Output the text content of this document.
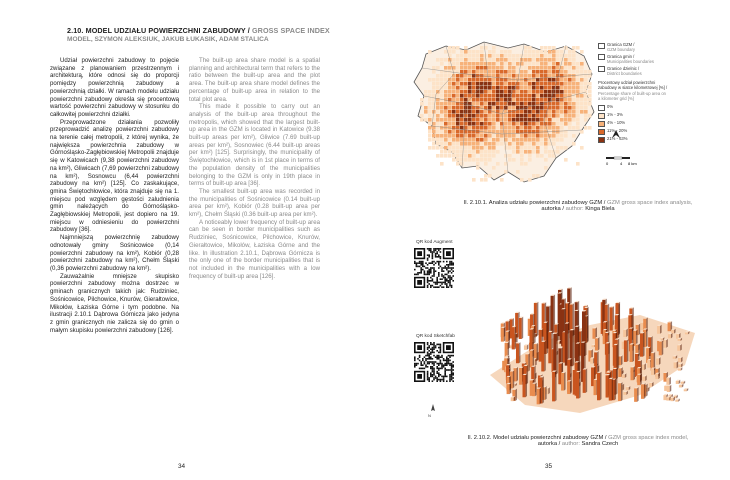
2.10. MODEL UDZIAŁU POWIERZCHNI ZABUDOWY / GROSS SPACE INDEX
MODEL, SZYMON ALEKSIUK, JAKUB ŁUKASIK, ADAM STALICA

Udział powierzchni zabudowy to pojęcie związane z planowaniem przestrzennym i architekturą, które odnosi się do proporcji pomiędzy powierzchnią zabudowy a powierzchnią działki. W ramach modelu udziału powierzchni zabudowy określa się procentową wartość powierzchni zabudowy w stosunku do całkowitej powierzchni działki.

Przeprowadzone działania pozwoliły przeprowadzić analizę powierzchni zabudowy na terenie całej metropolii, z której wynika, że największa powierzchnia zabudowy w Górnośląsko-Zagłębiowskiej Metropolii znajduje się w Katowicach (9,38 powierzchni zabudowy na km²), Gliwicach (7,69 powierzchni zabudowy na km²), Sosnowcu (6,44 powierzchni zabudowy na km²) [125]. Co zaskakujące, gmina Świętochłowice, która znajduje się na 1. miejscu pod względem gęstości zaludnienia gmin należących do Górnośląsko-Zagłębiowskiej Metropolii, jest dopiero na 19. miejscu w odniesieniu do powierzchni zabudowy [36].

Najmniejszą powierzchnię zabudowy odnotowały gminy Sośnicowice (0,14 powierzchni zabudowy na km²), Kobiór (0,28 powierzchni zabudowy na km²), Chełm Śląski (0,36 powierzchni zabudowy na km²).

Zauważalnie mniejsze skupisko powierzchni zabudowy można dostrzec w gminach granicznych takich jak: Rudziniec, Sośnicowice, Pilchowice, Knurów, Gierałtowice, Mikołów, Łaziska Górne i tym podobne. Na ilustracji 2.10.1 Dąbrowa Górnicza jako jedyna z gmin granicznych nie zalicza się do gmin o małym skupisku powierzchni zabudowy [126].

The built-up area share model is a spatial planning and architectural term that refers to the ratio between the built-up area and the plot area. The built-up area share model defines the percentage of built-up area in relation to the total plot area.

This made it possible to carry out an analysis of the built-up area throughout the metropolis, which showed that the largest built-up area in the GZM is located in Katowice (9.38 built-up areas per km²), Gliwice (7.69 built-up areas per km²), Sosnowiec (6.44 built-up areas per km²) [125]. Surprisingly, the municipality of Świętochłowice, which is in 1st place in terms of the population density of the municipalities belonging to the GZM is only in 19th place in terms of built-up area [36].

The smallest built-up area was recorded in the municipalities of Sośnicowice (0.14 built-up area per km²), Kobiór (0.28 built-up area per km²), Chełm Śląski (0.36 built-up area per km²).

A noticeably lower frequency of built-up area can be seen in border municipalities such as Rudziniec, Sośnicowice, Pilchowice, Knurów, Gierałtowice, Mikołów, Łaziska Górne and the like. In illustration 2.10.1, Dąbrowa Górnicza is the only one of the border municipalities that is not included in the municipalities with a low frequency of built-up area [126].

34	35
0	4 8 km
Granica GZM /
GZM boundary
Granica gmin /
Municipalities boundaries
Granice dzielnic /
District boundaries
Procentowy udział powierzchni zabudowy w siatce kilometrowej [%] /
Percentage share of built-up area on a kilometer grid [%]
0%
1% - 3%
4% - 10%
11% - 20%
21% - 63%
Il. 2.10.1. Analiza udziału powierzchni zabudowy GZM / GZM gross space index analysis,
autorka / author: Kinga Biela
QR kod Augment
QR kod Sketchfab
N
Il. 2.10.2. Model udziału powierzchni zabudowy GZM / GZM gross space index model,
autorka / author: Sandra Czech
